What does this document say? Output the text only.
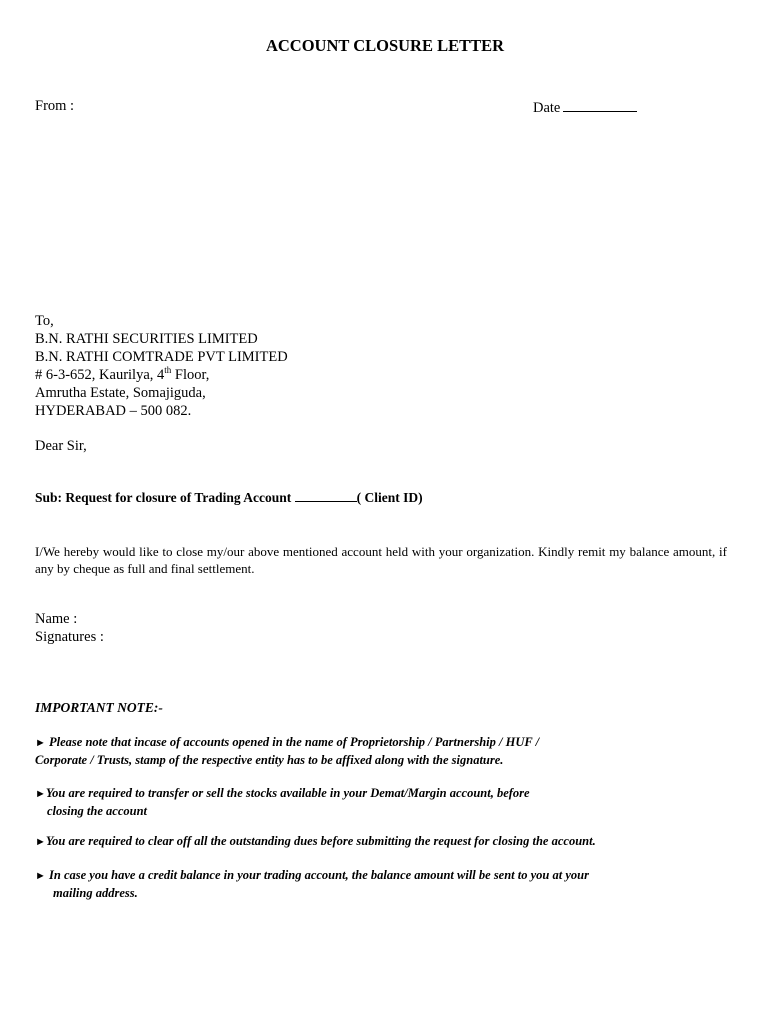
ACCOUNT CLOSURE LETTER
From :	Date
To,
B.N. RATHI SECURITIES LIMITED
B.N. RATHI COMTRADE PVT LIMITED
# 6-3-652, Kaurilya, 4th Floor,
Amrutha Estate, Somajiguda,
HYDERABAD – 500 082.
Dear Sir,
Sub: Request for closure of Trading Account	( Client ID)
I/We hereby would like to close my/our above mentioned account held with your organization. Kindly remit my balance amount, if any by cheque as full and final settlement.
Name :
Signatures :
IMPORTANT NOTE:-
► Please note that incase of accounts opened in the name of Proprietorship / Partnership / HUF /
Corporate / Trusts, stamp of the respective entity has to be affixed along with the signature.
►You are required to transfer or sell the stocks available in your Demat/Margin account, before
closing the account
►You are required to clear off all the outstanding dues before submitting the request for closing the account.
► In case you have a credit balance in your trading account, the balance amount will be sent to you at your
mailing address.
